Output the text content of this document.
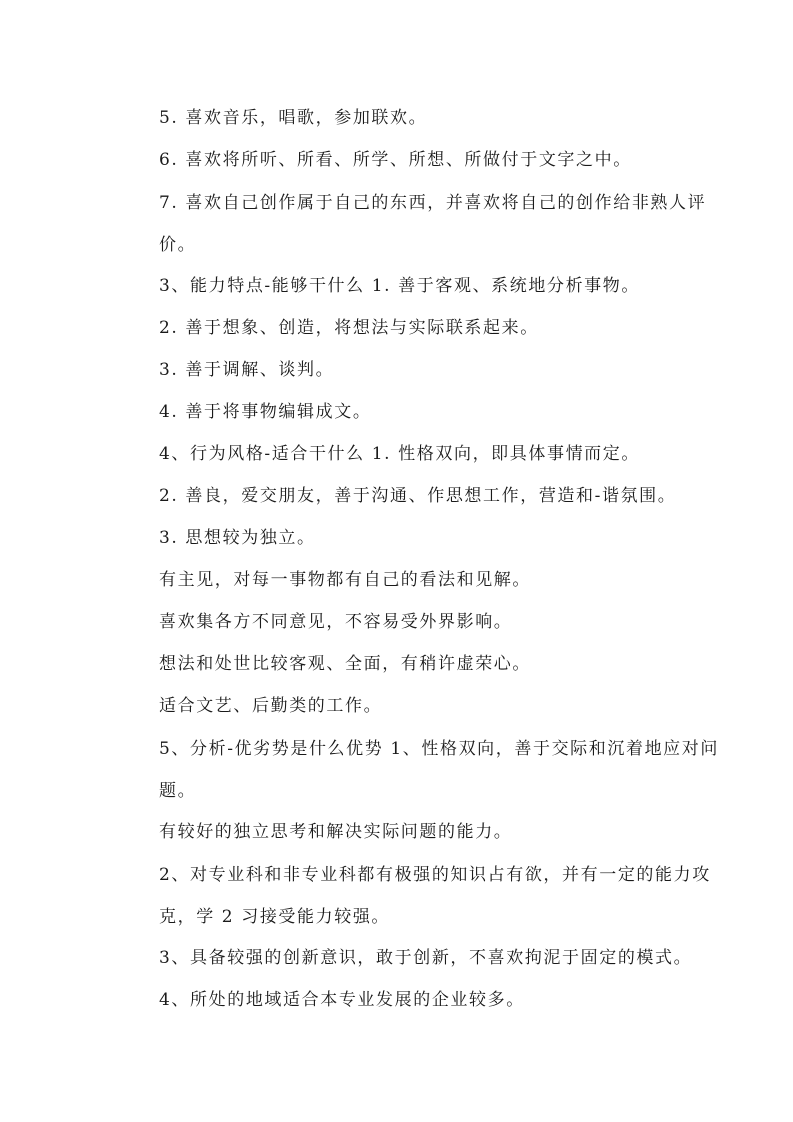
5. 喜欢音乐，唱歌，参加联欢。
6. 喜欢将所听、所看、所学、所想、所做付于文字之中。
7. 喜欢自己创作属于自己的东西，并喜欢将自己的创作给非熟人评价。
3、能力特点-能够干什么 1. 善于客观、系统地分析事物。
2. 善于想象、创造，将想法与实际联系起来。
3. 善于调解、谈判。
4. 善于将事物编辑成文。
4、行为风格-适合干什么 1. 性格双向，即具体事情而定。
2. 善良，爱交朋友，善于沟通、作思想工作，营造和-谐氛围。
3. 思想较为独立。
有主见，对每一事物都有自己的看法和见解。
喜欢集各方不同意见，不容易受外界影响。
想法和处世比较客观、全面，有稍许虚荣心。
适合文艺、后勤类的工作。
5、分析-优劣势是什么优势 1、性格双向，善于交际和沉着地应对问题。
有较好的独立思考和解决实际问题的能力。
2、对专业科和非专业科都有极强的知识占有欲，并有一定的能力攻克，学 2 习接受能力较强。
3、具备较强的创新意识，敢于创新，不喜欢拘泥于固定的模式。
4、所处的地域适合本专业发展的企业较多。
